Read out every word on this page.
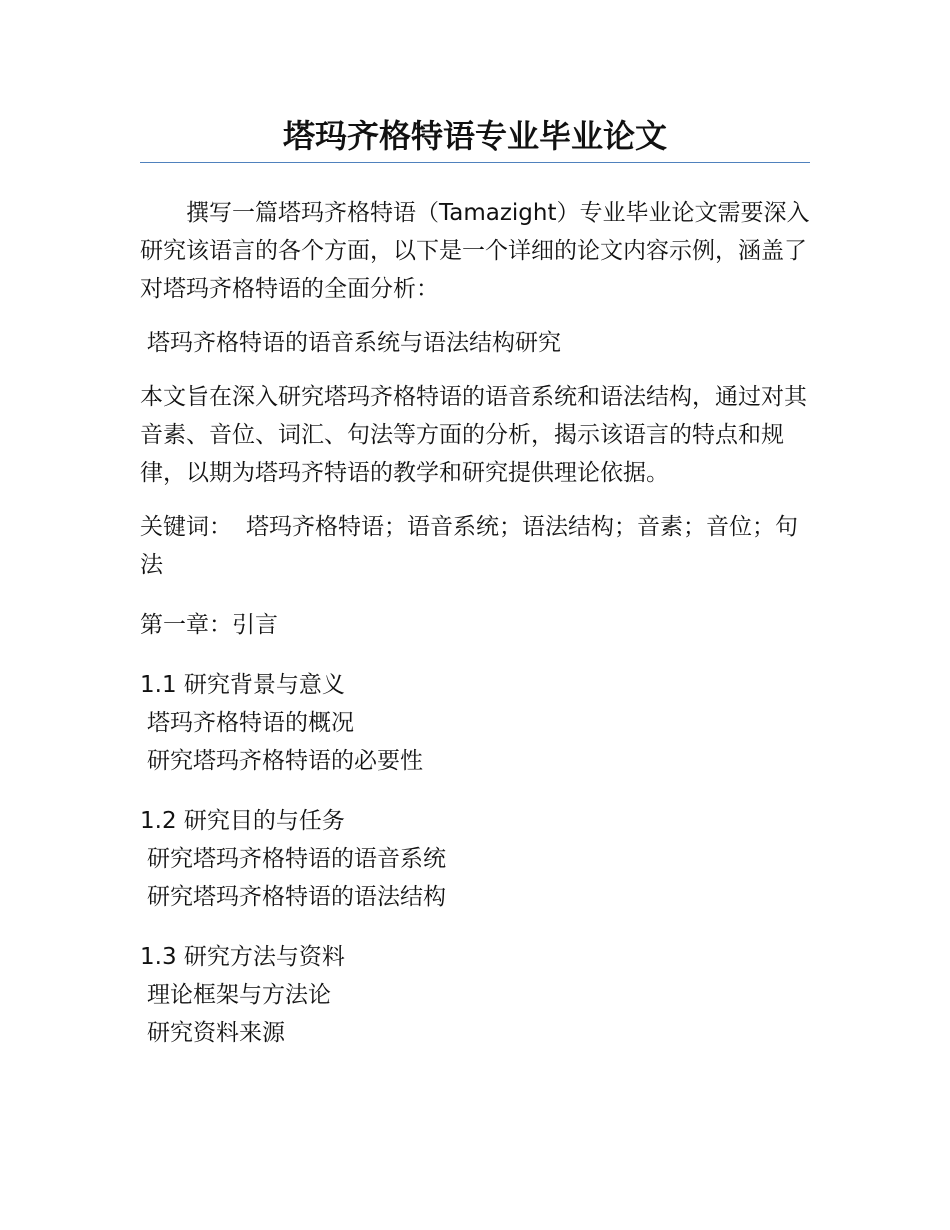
塔玛齐格特语专业毕业论文

撰写一篇塔玛齐格特语（Tamazight）专业毕业论文需要深入研究该语言的各个方面，以下是一个详细的论文内容示例，涵盖了对塔玛齐格特语的全面分析：

塔玛齐格特语的语音系统与语法结构研究

本文旨在深入研究塔玛齐格特语的语音系统和语法结构，通过对其音素、音位、词汇、句法等方面的分析，揭示该语言的特点和规律，以期为塔玛齐特语的教学和研究提供理论依据。

关键词： 塔玛齐格特语；语音系统；语法结构；音素；音位；句法

第一章：引言

1.1 研究背景与意义
塔玛齐格特语的概况
研究塔玛齐格特语的必要性
1.2 研究目的与任务
研究塔玛齐格特语的语音系统
研究塔玛齐格特语的语法结构
1.3 研究方法与资料
理论框架与方法论
研究资料来源
